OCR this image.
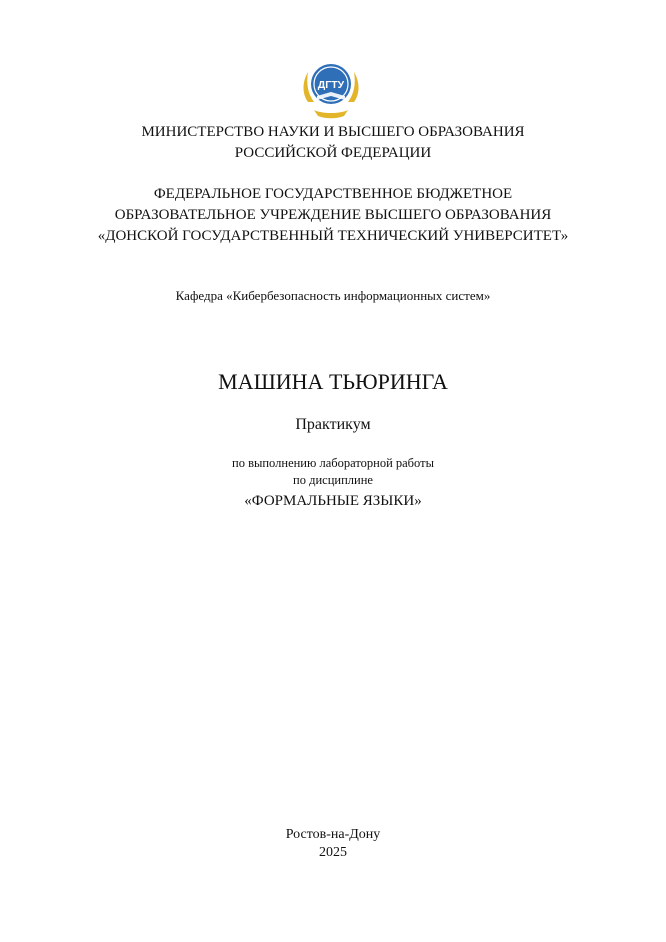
ДГТУ
МИНИСТЕРСТВО НАУКИ И ВЫСШЕГО ОБРАЗОВАНИЯ
РОССИЙСКОЙ ФЕДЕРАЦИИ
ФЕДЕРАЛЬНОЕ ГОСУДАРСТВЕННОЕ БЮДЖЕТНОЕ
ОБРАЗОВАТЕЛЬНОЕ УЧРЕЖДЕНИЕ ВЫСШЕГО ОБРАЗОВАНИЯ
«ДОНСКОЙ ГОСУДАРСТВЕННЫЙ ТЕХНИЧЕСКИЙ УНИВЕРСИТЕТ»
Кафедра «Кибербезопасность информационных систем»
МАШИНА ТЬЮРИНГА
Практикум
по выполнению лабораторной работы
по дисциплине
«ФОРМАЛЬНЫЕ ЯЗЫКИ»
Ростов-на-Дону
2025
